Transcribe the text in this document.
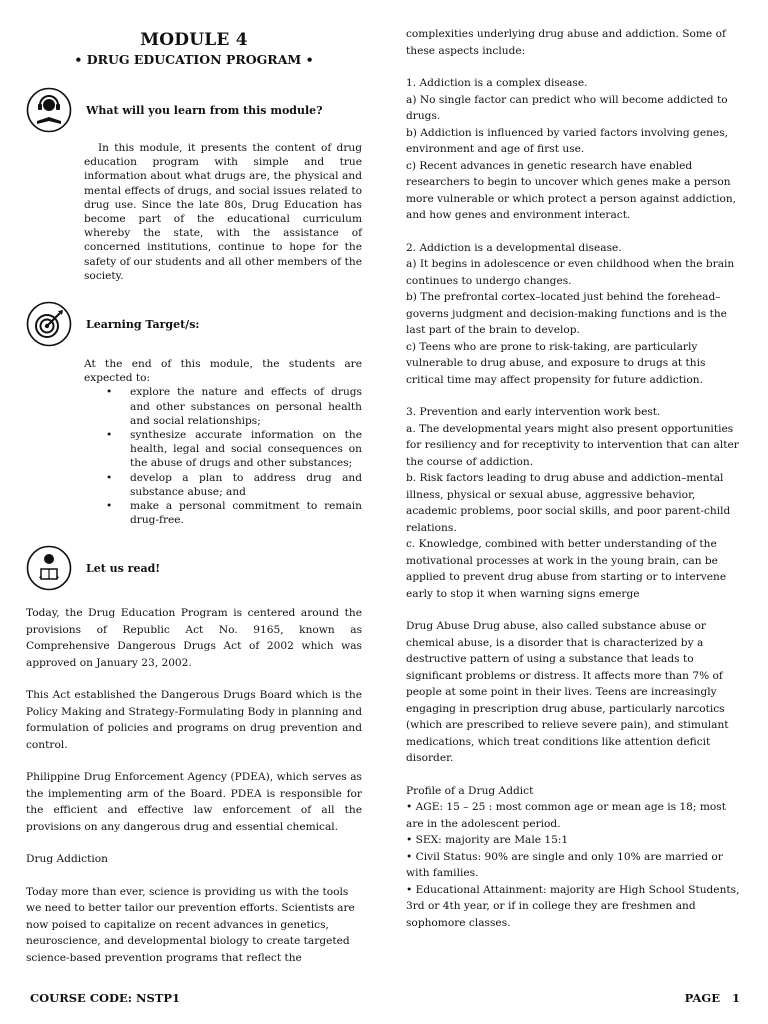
MODULE 4
• DRUG EDUCATION PROGRAM •
What will you learn from this module?

In this module, it presents the content of drug education program with simple and true information about what drugs are, the physical and mental effects of drugs, and social issues related to drug use. Since the late 80s, Drug Education has become part of the educational curriculum whereby the state, with the assistance of concerned institutions, continue to hope for the safety of our students and all other members of the society.

Learning Target/s:
At the end of this module, the students are expected to:
• explore the nature and effects of drugs and other substances on personal health and social relationships;
• synthesize accurate information on the health, legal and social consequences on the abuse of drugs and other substances;
• develop a plan to address drug and substance abuse; and
• make a personal commitment to remain drug-free.
Let us read!

Today, the Drug Education Program is centered around the provisions of Republic Act No. 9165, known as Comprehensive Dangerous Drugs Act of 2002 which was approved on January 23, 2002.

This Act established the Dangerous Drugs Board which is the Policy Making and Strategy-Formulating Body in planning and formulation of policies and programs on drug prevention and control.

Philippine Drug Enforcement Agency (PDEA), which serves as the implementing arm of the Board. PDEA is responsible for the efficient and effective law enforcement of all the provisions on any dangerous drug and essential chemical.

Drug Addiction

Today more than ever, science is providing us with the tools we need to better tailor our prevention efforts. Scientists are now poised to capitalize on recent advances in genetics, neuroscience, and developmental biology to create targeted science-based prevention programs that reflect the

complexities underlying drug abuse and addiction. Some of these aspects include:

1. Addiction is a complex disease.

a) No single factor can predict who will become addicted to drugs.

b) Addiction is influenced by varied factors involving genes, environment and age of first use.

c) Recent advances in genetic research have enabled researchers to begin to uncover which genes make a person more vulnerable or which protect a person against addiction, and how genes and environment interact.

2. Addiction is a developmental disease.

a) It begins in adolescence or even childhood when the brain continues to undergo changes.

b) The prefrontal cortex–located just behind the forehead–governs judgment and decision-making functions and is the last part of the brain to develop.

c) Teens who are prone to risk-taking, are particularly vulnerable to drug abuse, and exposure to drugs at this critical time may affect propensity for future addiction.

3. Prevention and early intervention work best.

a. The developmental years might also present opportunities for resiliency and for receptivity to intervention that can alter the course of addiction.

b. Risk factors leading to drug abuse and addiction–mental illness, physical or sexual abuse, aggressive behavior, academic problems, poor social skills, and poor parent-child relations.

c. Knowledge, combined with better understanding of the motivational processes at work in the young brain, can be applied to prevent drug abuse from starting or to intervene early to stop it when warning signs emerge

Drug Abuse Drug abuse, also called substance abuse or chemical abuse, is a disorder that is characterized by a destructive pattern of using a substance that leads to significant problems or distress. It affects more than 7% of people at some point in their lives. Teens are increasingly engaging in prescription drug abuse, particularly narcotics (which are prescribed to relieve severe pain), and stimulant medications, which treat conditions like attention deficit disorder.

Profile of a Drug Addict

• AGE: 15 – 25 : most common age or mean age is 18; most are in the adolescent period.

• SEX: majority are Male 15:1

• Civil Status: 90% are single and only 10% are married or with families.

• Educational Attainment: majority are High School Students, 3rd or 4th year, or if in college they are freshmen and sophomore classes.

COURSE CODE: NSTP1	PAGE   1
